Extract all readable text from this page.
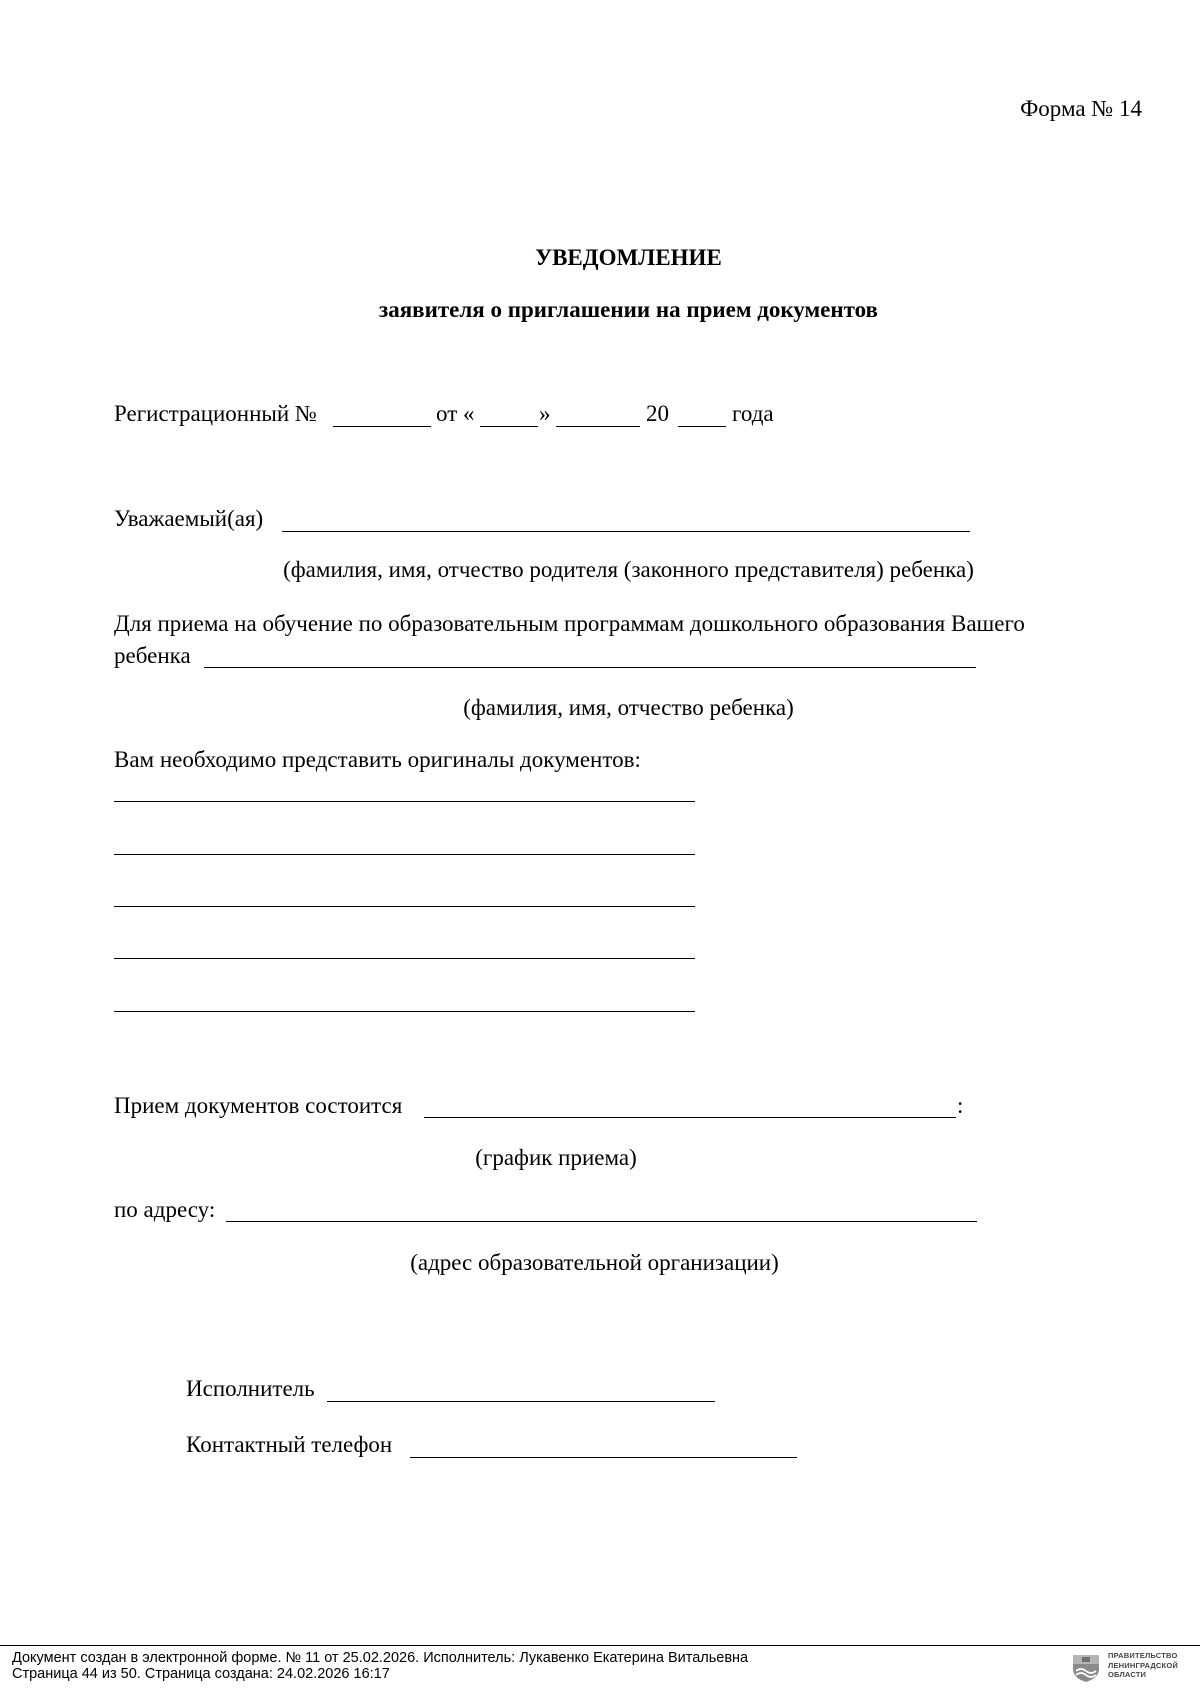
Форма № 14
УВЕДОМЛЕНИЕ
заявителя о приглашении на прием документов
Регистрационный №	от «	»	20	года
Уважаемый(ая)
(фамилия, имя, отчество родителя (законного представителя) ребенка)
Для приема на обучение по образовательным программам дошкольного образования Вашего
ребенка
(фамилия, имя, отчество ребенка)
Вам необходимо представить оригиналы документов:
Прием документов состоится	:
(график приема)
по адресу:
(адрес образовательной организации)
Исполнитель
Контактный телефон
Документ создан в электронной форме. № 11 от 25.02.2026. Исполнитель: Лукавенко Екатерина Витальевна
Страница 44 из 50. Страница создана: 24.02.2026 16:17
ПРАВИТЕЛЬСТВО
ЛЕНИНГРАДСКОЙ
ОБЛАСТИ
